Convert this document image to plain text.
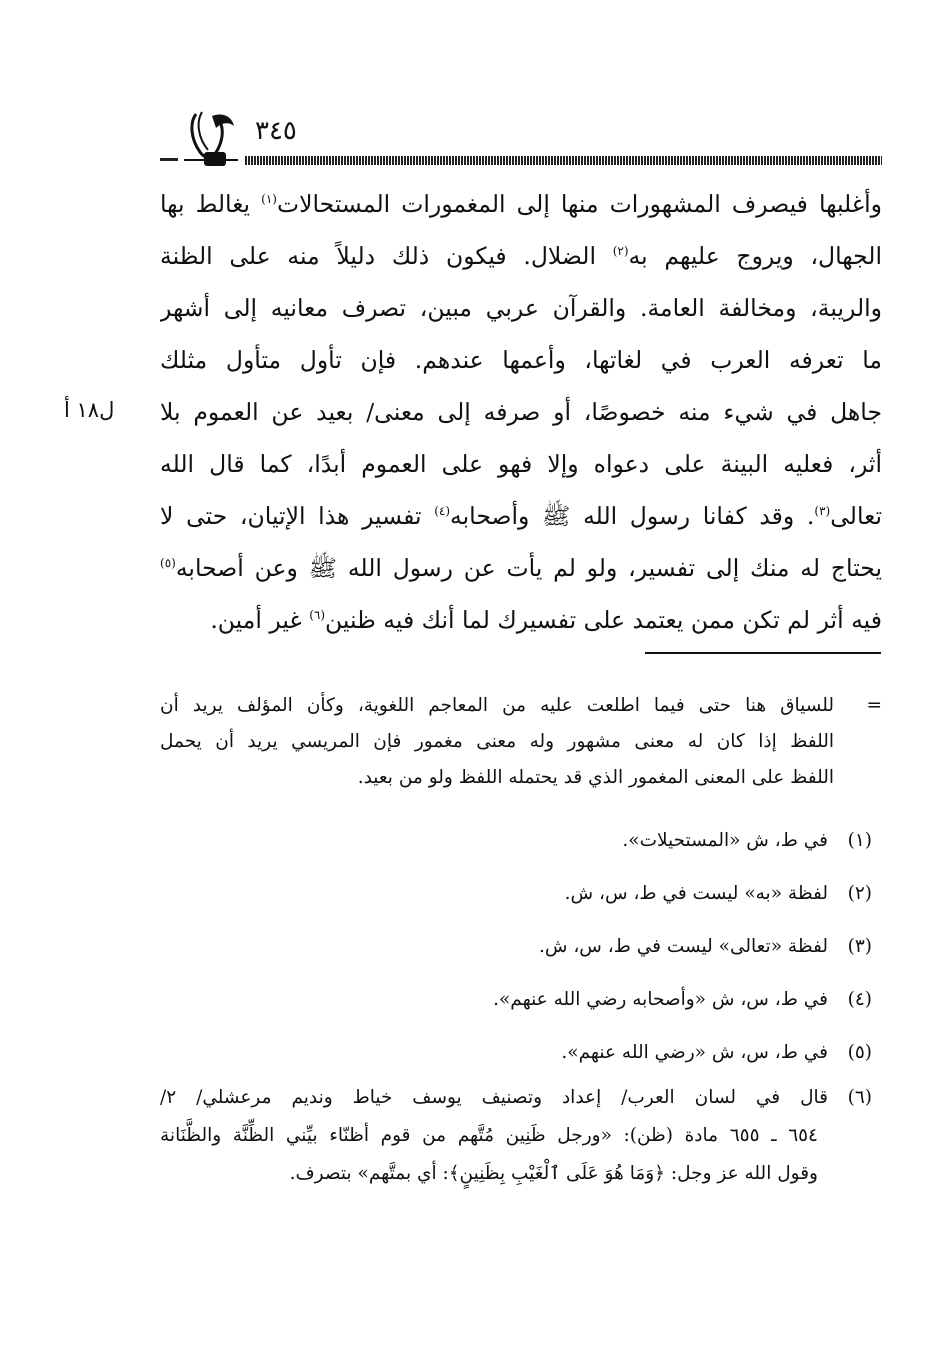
٣٤٥
وأغلبها فيصرف المشهورات منها إلى المغمورات المستحالات$^{(١)}$ يغالط بها
الجهال، ويروج عليهم به$^{(٢)}$ الضلال. فيكون ذلك دليلاً منه على الظنة
والريبة، ومخالفة العامة. والقرآن عربي مبين، تصرف معانيه إلى أشهر
ما تعرفه العرب في لغاتها، وأعمها عندهم. فإن تأول متأول مثلك
جاهل في شيء منه خصوصًا، أو صرفه إلى معنى/ بعيد عن العموم بلا
أثر، فعليه البينة على دعواه وإلا فهو على العموم أبدًا، كما قال الله
تعالى$^{(٣)}$. وقد كفانا رسول الله ﷺ وأصحابه$^{(٤)}$ تفسير هذا الإتيان، حتى لا
يحتاج له منك إلى تفسير، ولو لم يأت عن رسول الله ﷺ وعن أصحابه$^{(٥)}$
فيه أثر لم تكن ممن يعتمد على تفسيرك لما أنك فيه ظنين$^{(٦)}$ غير أمين.
ل١٨ أ
=
للسياق هنا حتى فيما اطلعت عليه من المعاجم اللغوية، وكأن المؤلف يريد أن
اللفظ إذا كان له معنى مشهور وله معنى مغمور فإن المريسي يريد أن يحمل
اللفظ على المعنى المغمور الذي قد يحتمله اللفظ ولو من بعيد.
(١)في ط، ش «المستحيلات».
(٢)لفظة «به» ليست في ط، س، ش.
(٣)لفظة «تعالى» ليست في ط، س، ش.
(٤)في ط، س، ش «وأصحابه رضي الله عنهم».
(٥)في ط، س، ش «رضي الله عنهم».
(٦)قال في لسان العرب/ إعداد وتصنيف يوسف خياط ونديم مرعشلي/ ٢/
٦٥٤ ـ ٦٥٥ مادة (ظن): «ورجل ظَنِين مُتَّهم من قوم أظنّاء بيِّني الظِّنَّة والظَّنَانة
وقول الله عز وجل: ﴿وَمَا هُوَ عَلَى ٱلْغَيْبِ بِظَنِينٍ﴾: أي بمتَّهم» بتصرف.
